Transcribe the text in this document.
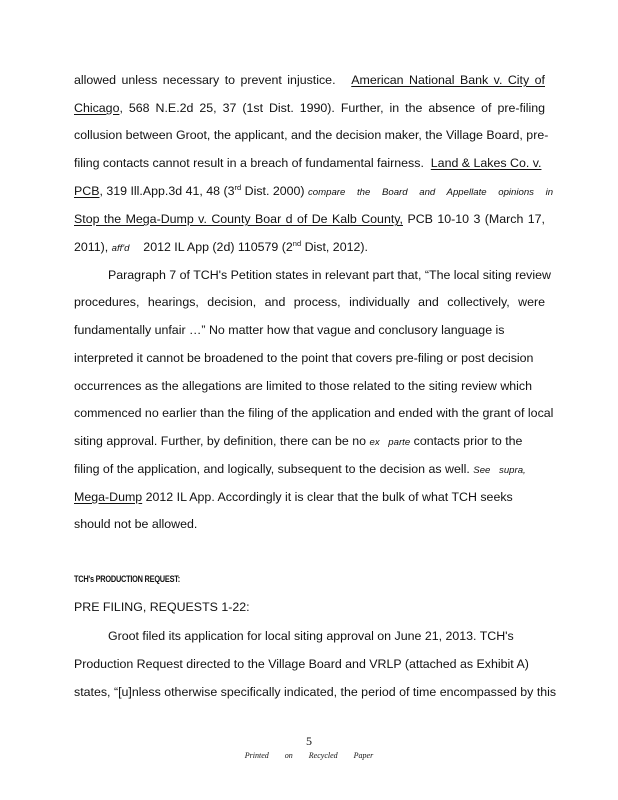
allowed unless necessary to prevent injustice. American National Bank v. City of
Chicago, 568 N.E.2d 25, 37 (1st Dist. 1990). Further, in the absence of pre-filing
collusion between Groot, the applicant, and the decision maker, the Village Board, pre-
filing contacts cannot result in a breach of fundamental fairness. Land & Lakes Co. v.
PCB, 319 Ill.App.3d 41, 48 (3rd Dist. 2000) compare the Board and Appellate opinions in
Stop the Mega-Dump v. County Boar d of De Kalb County, PCB 10-10 3 (March 17,
2011), aff'd 2012 IL App (2d) 110579 (2nd Dist, 2012).
Paragraph 7 of TCH's Petition states in relevant part that, “The local siting review
procedures, hearings, decision, and process, individually and collectively, were
fundamentally unfair …” No matter how that vague and conclusory language is
interpreted it cannot be broadened to the point that covers pre-filing or post decision
occurrences as the allegations are limited to those related to the siting review which
commenced no earlier than the filing of the application and ended with the grant of local
siting approval. Further, by definition, there can be no ex parte contacts prior to the
filing of the application, and logically, subsequent to the decision as well. See supra,
Mega-Dump 2012 IL App. Accordingly it is clear that the bulk of what TCH seeks
should not be allowed.
TCH's PRODUCTION REQUEST:
PRE FILING, REQUESTS 1-22:
Groot filed its application for local siting approval on June 21, 2013. TCH's
Production Request directed to the Village Board and VRLP (attached as Exhibit A)
states, “[u]nless otherwise specifically indicated, the period of time encompassed by this
5
Printed on Recycled Paper
